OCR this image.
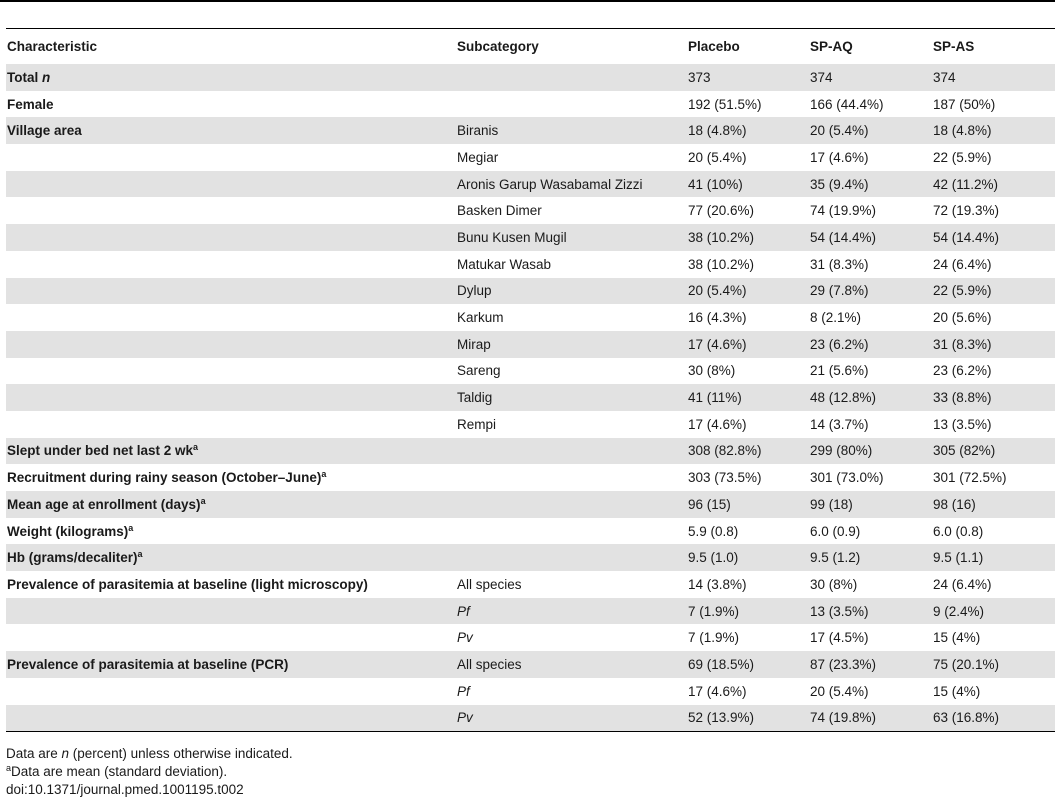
Characteristic	Subcategory	Placebo	SP-AQ	SP-AS
Total n		373	374	374
Female		192 (51.5%)	166 (44.4%)	187 (50%)
Village area	Biranis	18 (4.8%)	20 (5.4%)	18 (4.8%)
	Megiar	20 (5.4%)	17 (4.6%)	22 (5.9%)
	Aronis Garup Wasabamal Zizzi	41 (10%)	35 (9.4%)	42 (11.2%)
	Basken Dimer	77 (20.6%)	74 (19.9%)	72 (19.3%)
	Bunu Kusen Mugil	38 (10.2%)	54 (14.4%)	54 (14.4%)
	Matukar Wasab	38 (10.2%)	31 (8.3%)	24 (6.4%)
	Dylup	20 (5.4%)	29 (7.8%)	22 (5.9%)
	Karkum	16 (4.3%)	8 (2.1%)	20 (5.6%)
	Mirap	17 (4.6%)	23 (6.2%)	31 (8.3%)
	Sareng	30 (8%)	21 (5.6%)	23 (6.2%)
	Taldig	41 (11%)	48 (12.8%)	33 (8.8%)
	Rempi	17 (4.6%)	14 (3.7%)	13 (3.5%)
Slept under bed net last 2 $wk^a$		308 (82.8%)	299 (80%)	305 (82%)
Recruitment during rainy season (October–June)$^a$		303 (73.5%)	301 (73.0%)	301 (72.5%)
Mean age at enrollment (days)$^a$		96 (15)	99 (18)	98 (16)
Weight (kilograms)$^a$		5.9 (0.8)	6.0 (0.9)	6.0 (0.8)
Hb (grams/decaliter)$^a$		9.5 (1.0)	9.5 (1.2)	9.5 (1.1)
Prevalence of parasitemia at baseline (light microscopy)	All species	14 (3.8%)	30 (8%)	24 (6.4%)
	Pf	7 (1.9%)	13 (3.5%)	9 (2.4%)
	Pv	7 (1.9%)	17 (4.5%)	15 (4%)
Prevalence of parasitemia at baseline (PCR)	All species	69 (18.5%)	87 (23.3%)	75 (20.1%)
	Pf	17 (4.6%)	20 (5.4%)	15 (4%)
	Pv	52 (13.9%)	74 (19.8%)	63 (16.8%)
Data are n (percent) unless otherwise indicated.
$^a$Data are mean (standard deviation).
doi:10.1371/journal.pmed.1001195.t002
